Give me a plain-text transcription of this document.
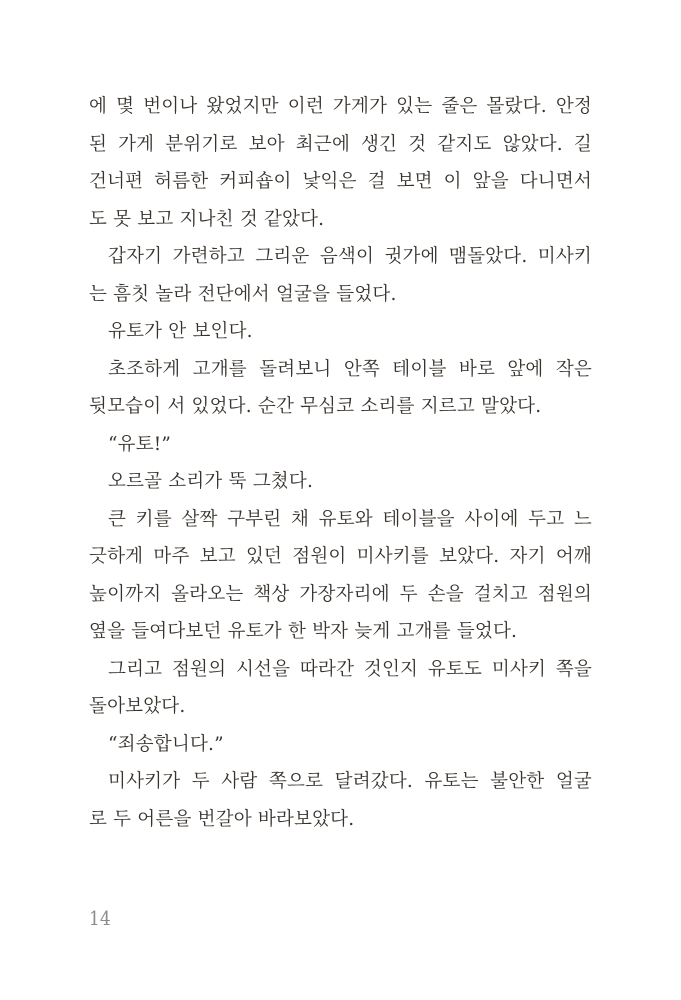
에 몇 번이나 왔었지만 이런 가게가 있는 줄은 몰랐다. 안정
된 가게 분위기로 보아 최근에 생긴 것 같지도 않았다. 길
건너편 허름한 커피숍이 낯익은 걸 보면 이 앞을 다니면서
도 못 보고 지나친 것 같았다.
갑자기 가련하고 그리운 음색이 귓가에 맴돌았다. 미사키
는 흠칫 놀라 전단에서 얼굴을 들었다.
유토가 안 보인다.
초조하게 고개를 돌려보니 안쪽 테이블 바로 앞에 작은
뒷모습이 서 있었다. 순간 무심코 소리를 지르고 말았다.
“유토!”
오르골 소리가 뚝 그쳤다.
큰 키를 살짝 구부린 채 유토와 테이블을 사이에 두고 느
긋하게 마주 보고 있던 점원이 미사키를 보았다. 자기 어깨
높이까지 올라오는 책상 가장자리에 두 손을 걸치고 점원의
옆을 들여다보던 유토가 한 박자 늦게 고개를 들었다.
그리고 점원의 시선을 따라간 것인지 유토도 미사키 쪽을
돌아보았다.
“죄송합니다.”
미사키가 두 사람 쪽으로 달려갔다. 유토는 불안한 얼굴
로 두 어른을 번갈아 바라보았다.
14
